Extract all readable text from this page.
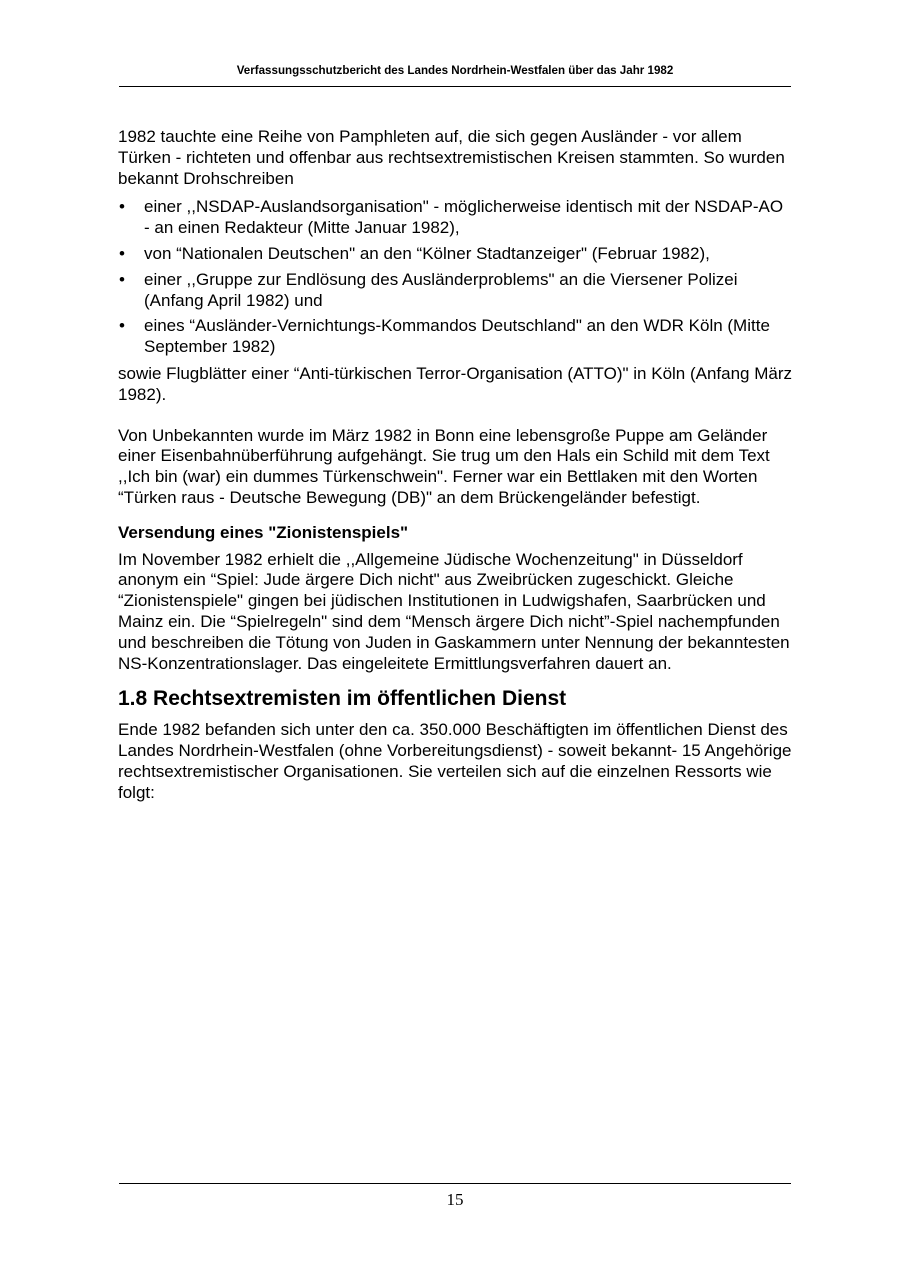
Verfassungsschutzbericht des Landes Nordrhein-Westfalen über das Jahr 1982

1982 tauchte eine Reihe von Pamphleten auf, die sich gegen Ausländer - vor allem Türken - richteten und offenbar aus rechtsextremistischen Kreisen stammten. So wurden bekannt Drohschreiben

• einer ,,NSDAP-Auslandsorganisation" - möglicherweise identisch mit der NSDAP-AO - an einen Redakteur (Mitte Januar 1982),
• von “Nationalen Deutschen" an den “Kölner Stadtanzeiger" (Februar 1982),
• einer ,,Gruppe zur Endlösung des Ausländerproblems" an die Viersener Polizei (Anfang April 1982) und
• eines “Ausländer-Vernichtungs-Kommandos Deutschland" an den WDR Köln (Mitte September 1982)

sowie Flugblätter einer “Anti-türkischen Terror-Organisation (ATTO)" in Köln (Anfang März 1982).

Von Unbekannten wurde im März 1982 in Bonn eine lebensgroße Puppe am Geländer einer Eisenbahnüberführung aufgehängt. Sie trug um den Hals ein Schild mit dem Text ,,Ich bin (war) ein dummes Türkenschwein". Ferner war ein Bettlaken mit den Worten “Türken raus - Deutsche Bewegung (DB)" an dem Brückengeländer befestigt.

Versendung eines "Zionistenspiels"

Im November 1982 erhielt die ,,Allgemeine Jüdische Wochenzeitung" in Düsseldorf anonym ein “Spiel: Jude ärgere Dich nicht" aus Zweibrücken zugeschickt. Gleiche “Zionistenspiele" gingen bei jüdischen Institutionen in Ludwigshafen, Saarbrücken und Mainz ein. Die “Spielregeln" sind dem “Mensch ärgere Dich nicht”-Spiel nachempfunden und beschreiben die Tötung von Juden in Gaskammern unter Nennung der bekanntesten NS-Konzentrationslager. Das eingeleitete Ermittlungsverfahren dauert an.

1.8 Rechtsextremisten im öffentlichen Dienst

Ende 1982 befanden sich unter den ca. 350.000 Beschäftigten im öffentlichen Dienst des Landes Nordrhein-Westfalen (ohne Vorbereitungsdienst) - soweit bekannt- 15 Angehörige rechtsextremistischer Organisationen. Sie verteilen sich auf die einzelnen Ressorts wie folgt:

15
